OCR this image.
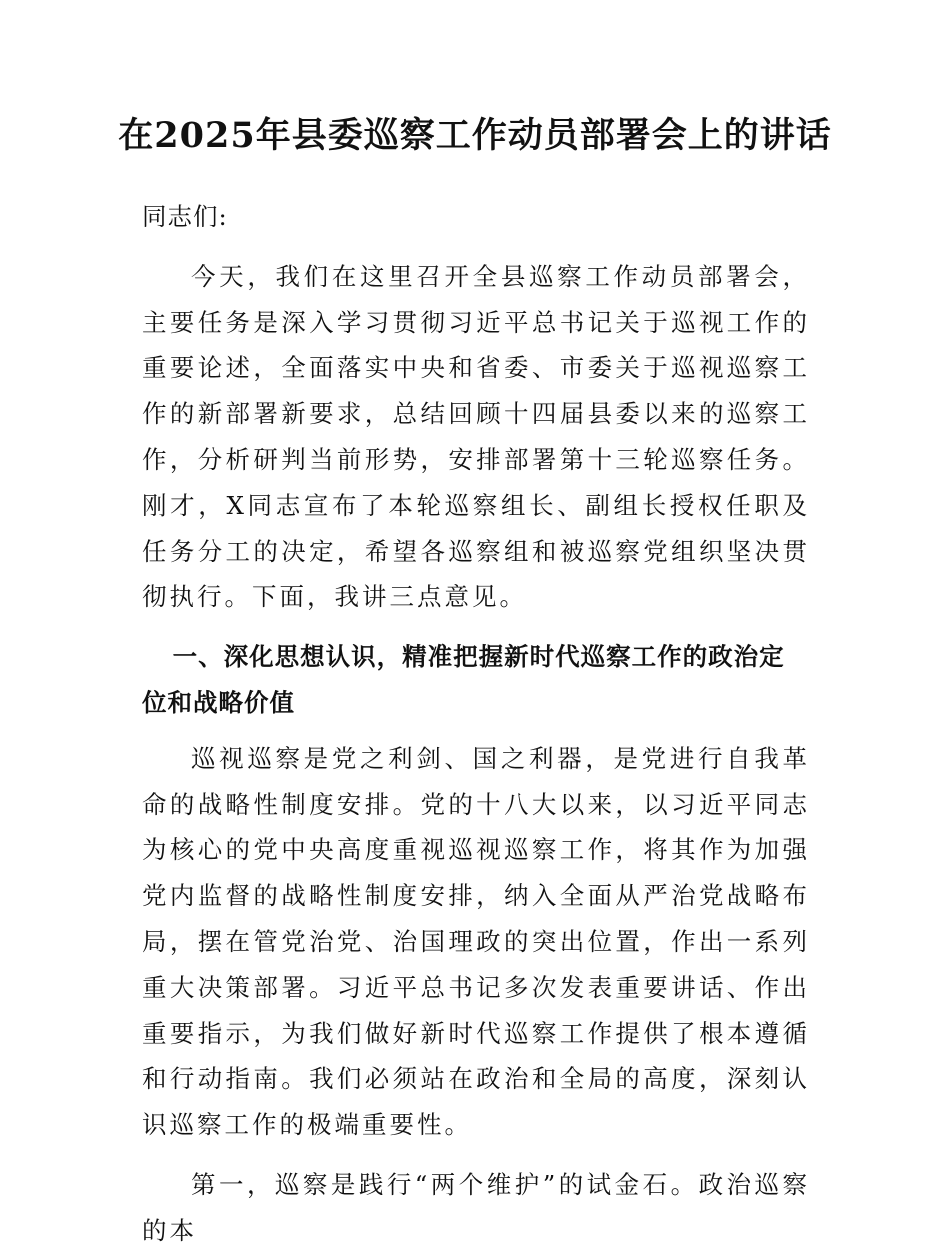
在2025年县委巡察工作动员部署会上的讲话

同志们:

今天，我们在这里召开全县巡察工作动员部署会，主要任务是深入学习贯彻习近平总书记关于巡视工作的重要论述，全面落实中央和省委、市委关于巡视巡察工作的新部署新要求，总结回顾十四届县委以来的巡察工作，分析研判当前形势，安排部署第十三轮巡察任务。刚才，X同志宣布了本轮巡察组长、副组长授权任职及任务分工的决定，希望各巡察组和被巡察党组织坚决贯彻执行。下面，我讲三点意见。

一、深化思想认识，精准把握新时代巡察工作的政治定位和战略价值

巡视巡察是党之利剑、国之利器，是党进行自我革命的战略性制度安排。党的十八大以来，以习近平同志为核心的党中央高度重视巡视巡察工作，将其作为加强党内监督的战略性制度安排，纳入全面从严治党战略布局，摆在管党治党、治国理政的突出位置，作出一系列重大决策部署。习近平总书记多次发表重要讲话、作出重要指示，为我们做好新时代巡察工作提供了根本遵循和行动指南。我们必须站在政治和全局的高度，深刻认识巡察工作的极端重要性。

第一，巡察是践行“两个维护”的试金石。政治巡察的本
